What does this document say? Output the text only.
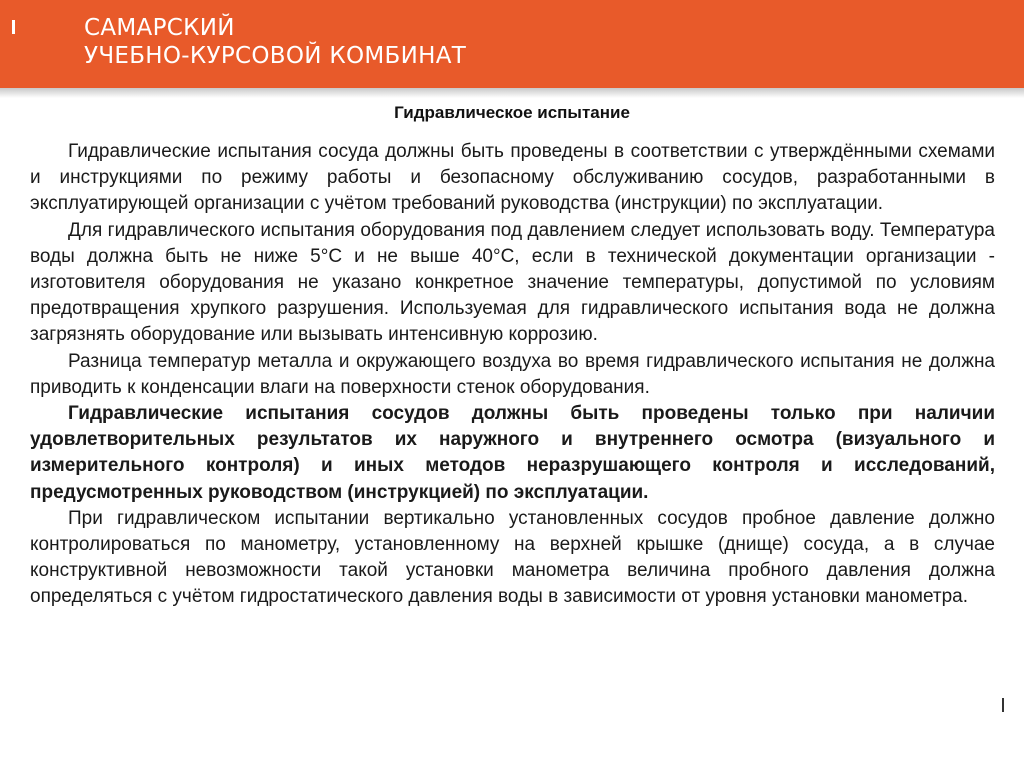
САМАРСКИЙ
УЧЕБНО-КУРСОВОЙ КОМБИНАТ
Гидравлическое испытание

Гидравлические испытания сосуда должны быть проведены в соответствии с утверждёнными схемами и инструкциями по режиму работы и безопасному обслуживанию сосудов, разработанными в эксплуатирующей организации с учётом требований руководства (инструкции) по эксплуатации.

Для гидравлического испытания оборудования под давлением следует использовать воду. Температура воды должна быть не ниже 5°С и не выше 40°С, если в технической документации организации - изготовителя оборудования не указано конкретное значение температуры, допустимой по условиям предотвращения хрупкого разрушения. Используемая для гидравлического испытания вода не должна загрязнять оборудование или вызывать интенсивную коррозию.

Разница температур металла и окружающего воздуха во время гидравлического испытания не должна приводить к конденсации влаги на поверхности стенок оборудования.

Гидравлические испытания сосудов должны быть проведены только при наличии удовлетворительных результатов их наружного и внутреннего осмотра (визуального и измерительного контроля) и иных методов неразрушающего контроля и исследований, предусмотренных руководством (инструкцией) по эксплуатации.

При гидравлическом испытании вертикально установленных сосудов пробное давление должно контролироваться по манометру, установленному на верхней крышке (днище) сосуда, а в случае конструктивной невозможности такой установки манометра величина пробного давления должна определяться с учётом гидростатического давления воды в зависимости от уровня установки манометра.
